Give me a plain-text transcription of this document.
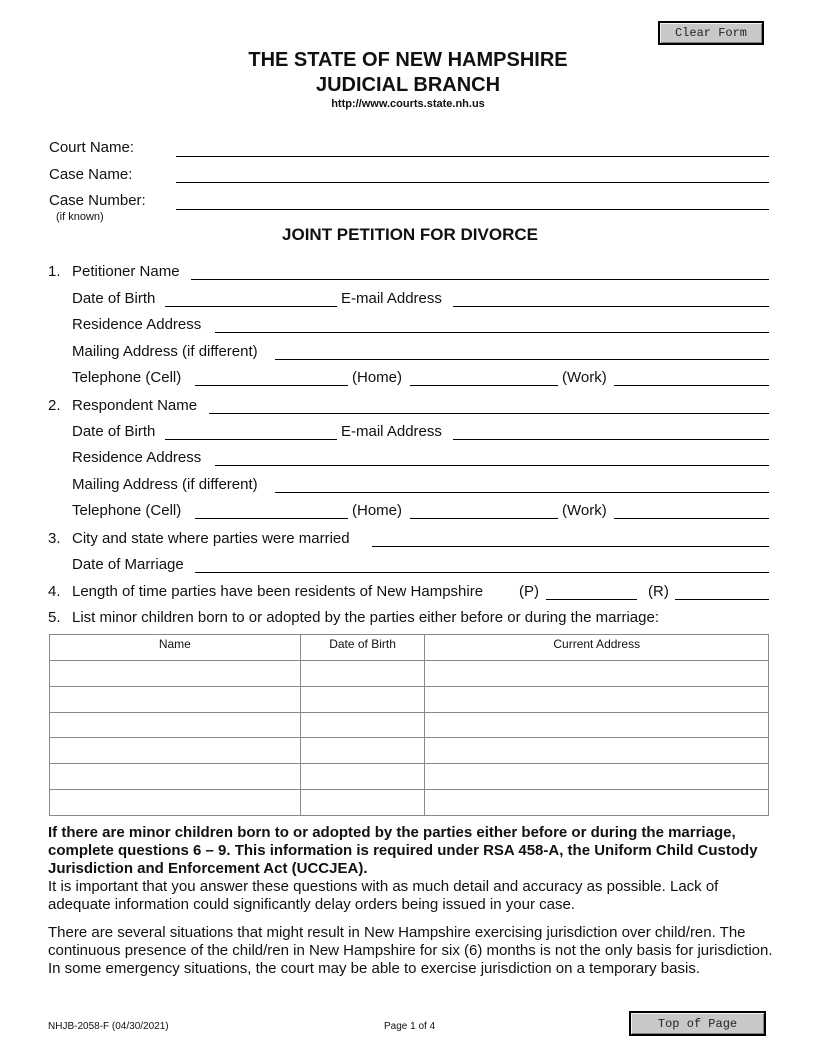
Clear Form
THE STATE OF NEW HAMPSHIRE
JUDICIAL BRANCH
http://www.courts.state.nh.us
Court Name:
Case Name:
Case Number:
(if known)
JOINT PETITION FOR DIVORCE
1. Petitioner Name
Date of Birth	E-mail Address
Residence Address
Mailing Address (if different)
Telephone (Cell)	(Home)	(Work)
2. Respondent Name
Date of Birth	E-mail Address
Residence Address
Mailing Address (if different)
Telephone (Cell)	(Home)	(Work)
3. City and state where parties were married
Date of Marriage
4. Length of time parties have been residents of New Hampshire (P)	(R)
5. List minor children born to or adopted by the parties either before or during the marriage:
Name	Date of Birth	Current Address

If there are minor children born to or adopted by the parties either before or during the marriage, complete questions 6 – 9. This information is required under RSA 458-A, the Uniform Child Custody Jurisdiction and Enforcement Act (UCCJEA).
It is important that you answer these questions with as much detail and accuracy as possible. Lack of adequate information could significantly delay orders being issued in your case.
There are several situations that might result in New Hampshire exercising jurisdiction over child/ren. The continuous presence of the child/ren in New Hampshire for six (6) months is not the only basis for jurisdiction. In some emergency situations, the court may be able to exercise jurisdiction on a temporary basis.
NHJB-2058-F (04/30/2021)	Page 1 of 4	Top of Page
